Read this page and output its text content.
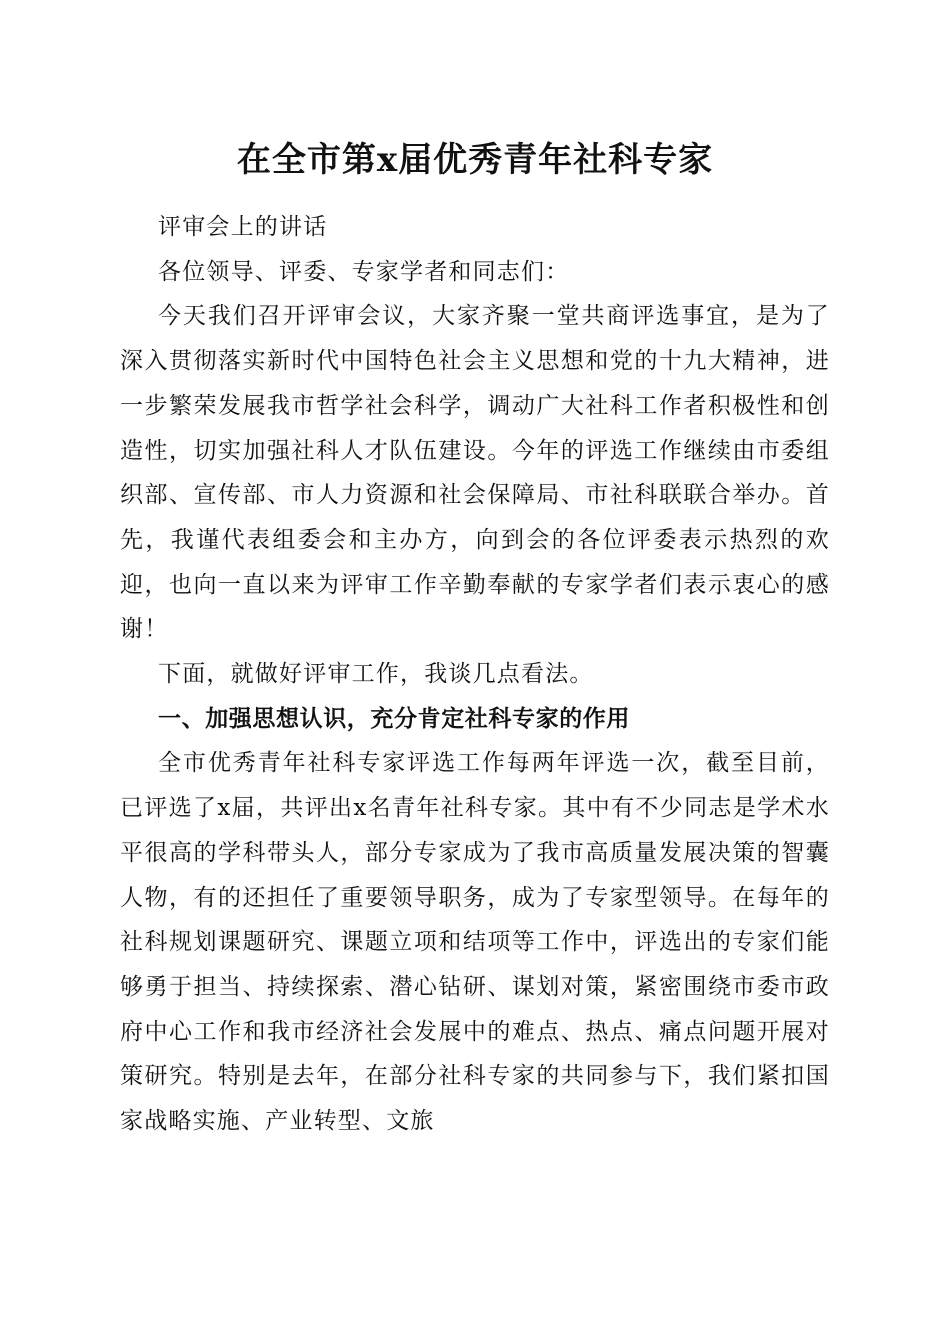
在全市第x届优秀青年社科专家

评审会上的讲话

各位领导、评委、专家学者和同志们：

今天我们召开评审会议，大家齐聚一堂共商评选事宜，是为了深入贯彻落实新时代中国特色社会主义思想和党的十九大精神，进一步繁荣发展我市哲学社会科学，调动广大社科工作者积极性和创造性，切实加强社科人才队伍建设。今年的评选工作继续由市委组织部、宣传部、市人力资源和社会保障局、市社科联联合举办。首先，我谨代表组委会和主办方，向到会的各位评委表示热烈的欢迎，也向一直以来为评审工作辛勤奉献的专家学者们表示衷心的感谢！

下面，就做好评审工作，我谈几点看法。

一、加强思想认识，充分肯定社科专家的作用

全市优秀青年社科专家评选工作每两年评选一次，截至目前，已评选了x届，共评出x名青年社科专家。其中有不少同志是学术水平很高的学科带头人，部分专家成为了我市高质量发展决策的智囊人物，有的还担任了重要领导职务，成为了专家型领导。在每年的社科规划课题研究、课题立项和结项等工作中，评选出的专家们能够勇于担当、持续探索、潜心钻研、谋划对策，紧密围绕市委市政府中心工作和我市经济社会发展中的难点、热点、痛点问题开展对策研究。特别是去年，在部分社科专家的共同参与下，我们紧扣国家战略实施、产业转型、文旅
